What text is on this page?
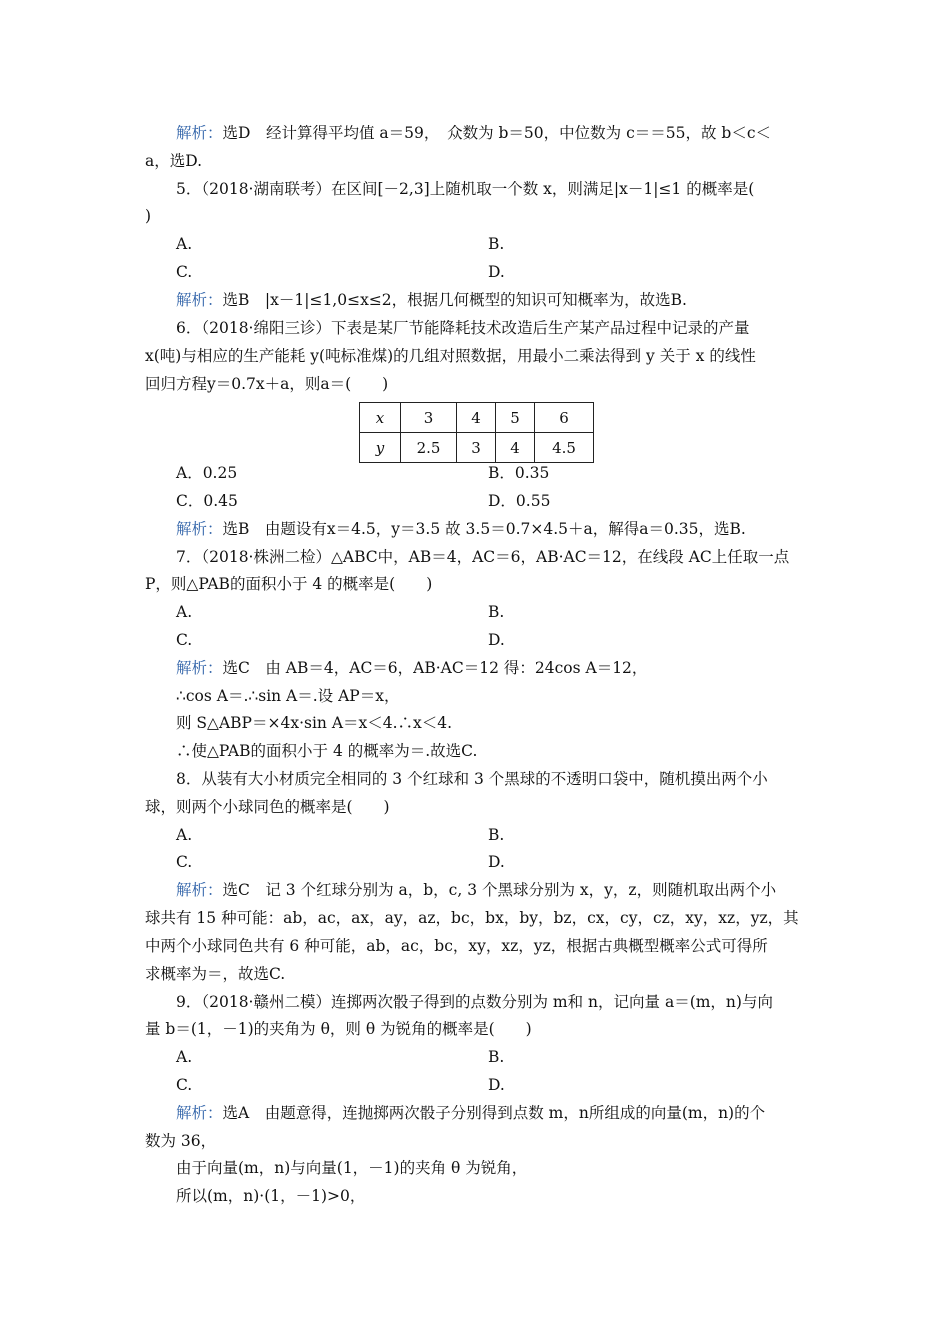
解析：选D　经计算得平均值 a＝59，　众数为 b＝50，中位数为 c＝＝55，故 b＜c＜
a，选D.
5．（2018·湖南联考）在区间[－2,3]上随机取一个数 x，则满足|x－1|≤1 的概率是(
)
A.	B.
C.	D.
解析：选B　|x－1|≤1,0≤x≤2，根据几何概型的知识可知概率为，故选B.
6．（2018·绵阳三诊）下表是某厂节能降耗技术改造后生产某产品过程中记录的产量
x(吨)与相应的生产能耗 y(吨标准煤)的几组对照数据，用最小二乘法得到 y 关于 x 的线性
回归方程y＝0.7x＋a，则a＝(　　)
x	3	4	5	6
y	2.5	3	4	4.5
A．0.25	B．0.35
C．0.45	D．0.55
解析：选B　由题设有x＝4.5，y＝3.5 故 3.5＝0.7×4.5＋a，解得a＝0.35，选B.
7．（2018·株洲二检）△ABC中，AB＝4，AC＝6，AB·AC＝12，在线段 AC上任取一点
P，则△PAB的面积小于 4 的概率是(　　)
A.	B.
C.	D.
解析：选C　由 AB＝4，AC＝6，AB·AC＝12 得：24cos A＝12，
∴cos A＝.∴sin A＝.设 AP＝x，
则 S△ABP＝×4x·sin A＝x＜4.∴x＜4.
∴使△PAB的面积小于 4 的概率为＝.故选C.
8．从装有大小材质完全相同的 3 个红球和 3 个黑球的不透明口袋中，随机摸出两个小
球，则两个小球同色的概率是(　　)
A.	B.
C.	D.
解析：选C　记 3 个红球分别为 a，b，c, 3 个黑球分别为 x，y，z，则随机取出两个小
球共有 15 种可能：ab，ac，ax，ay，az，bc，bx，by，bz，cx，cy，cz，xy，xz，yz，其
中两个小球同色共有 6 种可能，ab，ac，bc，xy，xz，yz，根据古典概型概率公式可得所
求概率为＝，故选C.
9．（2018·赣州二模）连掷两次骰子得到的点数分别为 m和 n，记向量 a＝(m，n)与向
量 b＝(1，－1)的夹角为 θ，则 θ 为锐角的概率是(　　)
A.	B.
C.	D.
解析：选A　由题意得，连抛掷两次骰子分别得到点数 m，n所组成的向量(m，n)的个
数为 36，
由于向量(m，n)与向量(1，－1)的夹角 θ 为锐角，
所以(m，n)·(1，－1)>0，
